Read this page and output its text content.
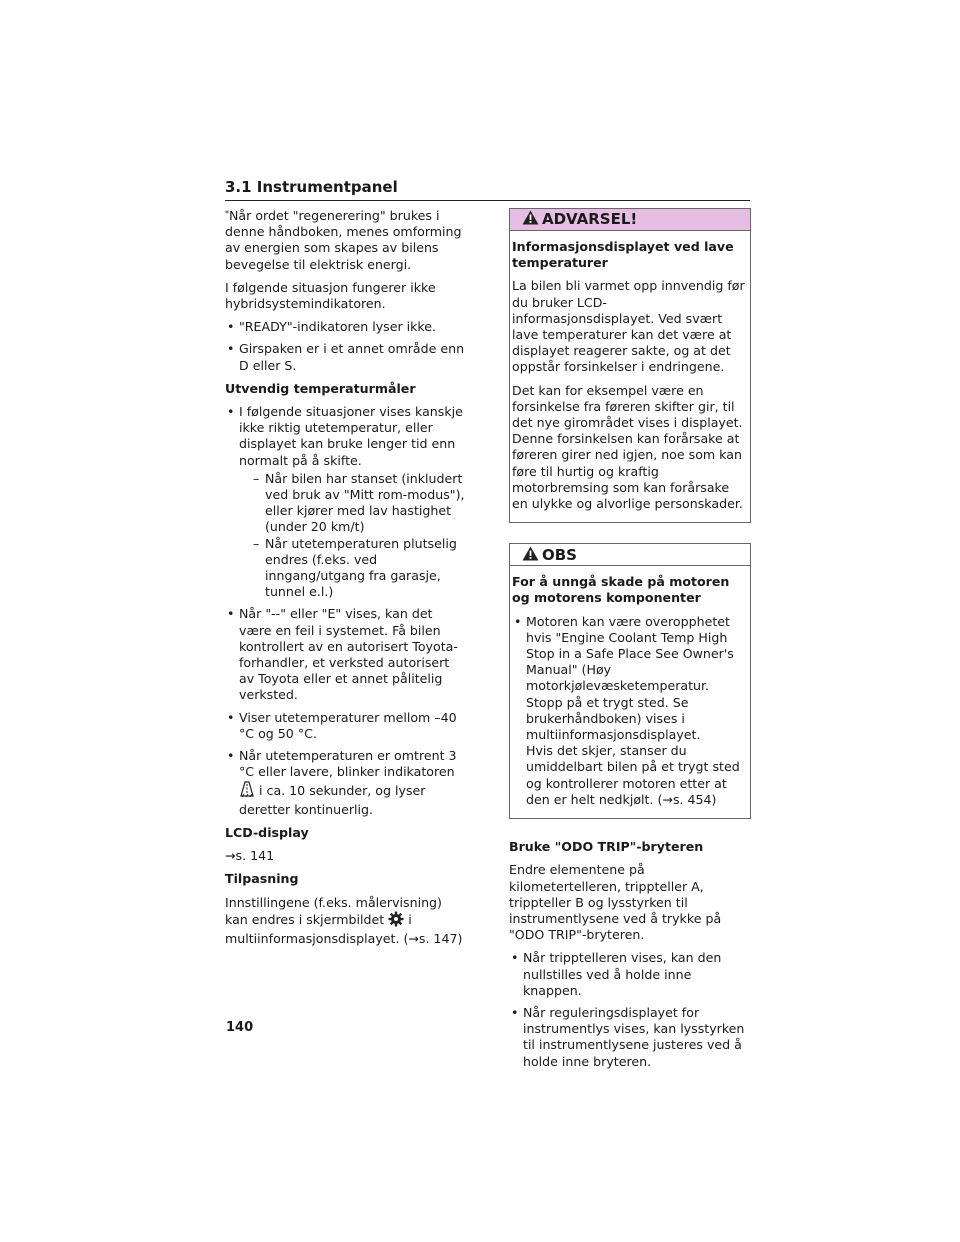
3.1 Instrumentpanel

*Når ordet "regenerering" brukes i denne håndboken, menes omforming av energien som skapes av bilens bevegelse til elektrisk energi.

I følgende situasjon fungerer ikke hybridsystemindikatoren.

• "READY"-indikatoren lyser ikke.
• Girspaken er i et annet område enn D eller S.
Utvendig temperaturmåler
• I følgende situasjoner vises kanskje ikke riktig utetemperatur, eller displayet kan bruke lenger tid enn normalt på å skifte.
– Når bilen har stanset (inkludert ved bruk av "Mitt rom-modus"), eller kjører med lav hastighet (under 20 km/t)
– Når utetemperaturen plutselig endres (f.eks. ved inngang/utgang fra garasje, tunnel e.l.)
• Når "--" eller "E" vises, kan det være en feil i systemet. Få bilen kontrollert av en autorisert Toyota-forhandler, et verksted autorisert av Toyota eller et annet pålitelig verksted.
• Viser utetemperaturer mellom –40 °C og 50 °C.
• Når utetemperaturen er omtrent 3 °C eller lavere, blinker indikatoren  i ca. 10 sekunder, og lyser deretter kontinuerlig.
LCD-display

→s. 141

Tilpasning

Innstillingene (f.eks. målervisning) kan endres i skjermbildet i multiinformasjonsdisplayet. (→s. 147)

ADVARSEL!
Informasjonsdisplayet ved lave temperaturer

La bilen bli varmet opp innvendig før du bruker LCD-informasjonsdisplayet. Ved svært lave temperaturer kan det være at displayet reagerer sakte, og at det oppstår forsinkelser i endringene.

Det kan for eksempel være en forsinkelse fra føreren skifter gir, til det nye girområdet vises i displayet. Denne forsinkelsen kan forårsake at føreren girer ned igjen, noe som kan føre til hurtig og kraftig motorbremsing som kan forårsake en ulykke og alvorlige personskader.

OBS
For å unngå skade på motoren og motorens komponenter
• Motoren kan være overopphetet hvis "Engine Coolant Temp High Stop in a Safe Place See Owner's Manual" (Høy motorkjølevæsketemperatur. Stopp på et trygt sted. Se brukerhåndboken) vises i multiinformasjonsdisplayet.
Hvis det skjer, stanser du umiddelbart bilen på et trygt sted og kontrollerer motoren etter at den er helt nedkjølt. (→s. 454)
Bruke "ODO TRIP"-bryteren

Endre elementene på kilometertelleren, trippteller A, trippteller B og lysstyrken til instrumentlysene ved å trykke på "ODO TRIP"-bryteren.

• Når tripptelleren vises, kan den nullstilles ved å holde inne knappen.
• Når reguleringsdisplayet for instrumentlys vises, kan lysstyrken til instrumentlysene justeres ved å holde inne bryteren.
140
